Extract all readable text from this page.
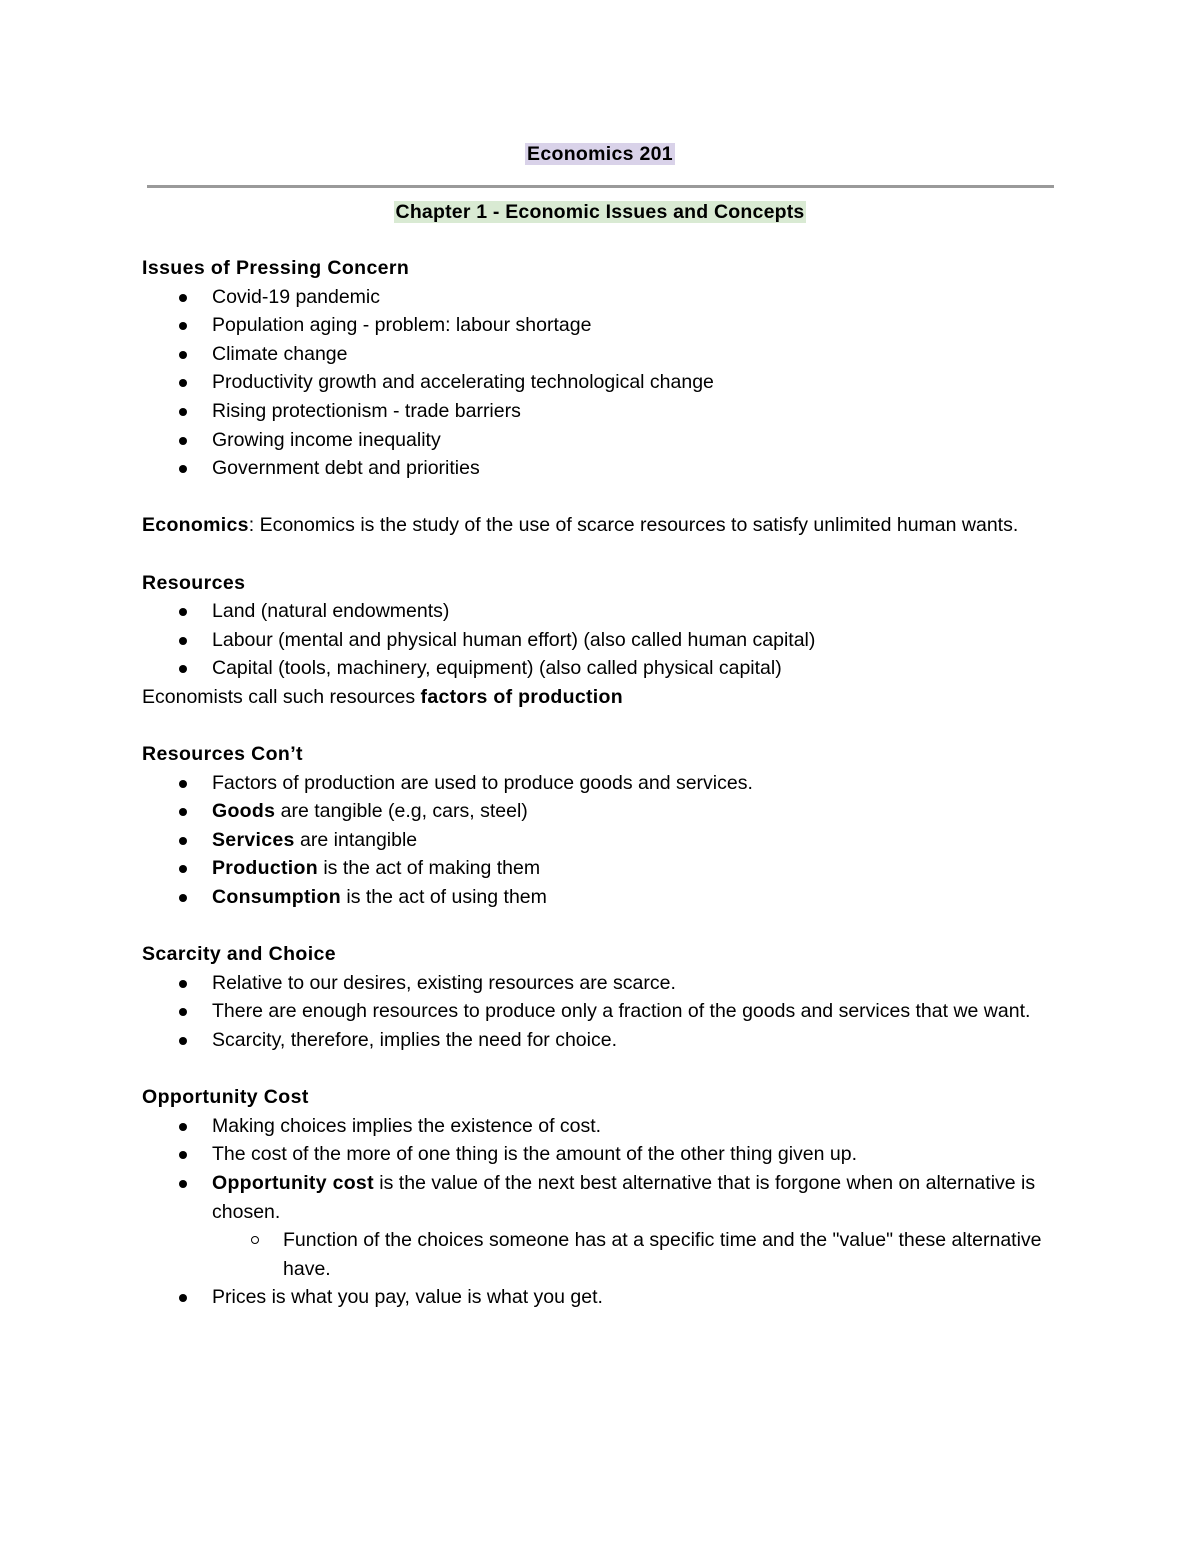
Economics 201
Chapter 1 - Economic Issues and Concepts

Issues of Pressing Concern

Covid-19 pandemic
Population aging - problem: labour shortage
Climate change
Productivity growth and accelerating technological change
Rising protectionism - trade barriers
Growing income inequality
Government debt and priorities

Economics: Economics is the study of the use of scarce resources to satisfy unlimited human wants.

Resources

Land (natural endowments)
Labour (mental and physical human effort) (also called human capital)
Capital (tools, machinery, equipment) (also called physical capital)

Economists call such resources factors of production

Resources Con’t

Factors of production are used to produce goods and services.
Goods are tangible (e.g, cars, steel)
Services are intangible
Production is the act of making them
Consumption is the act of using them

Scarcity and Choice

Relative to our desires, existing resources are scarce.
There are enough resources to produce only a fraction of the goods and services that we want.
Scarcity, therefore, implies the need for choice.

Opportunity Cost

Making choices implies the existence of cost.
The cost of the more of one thing is the amount of the other thing given up.
Opportunity cost is the value of the next best alternative that is forgone when on alternative is chosen.
Function of the choices someone has at a specific time and the "value" these alternative have.
Prices is what you pay, value is what you get.
